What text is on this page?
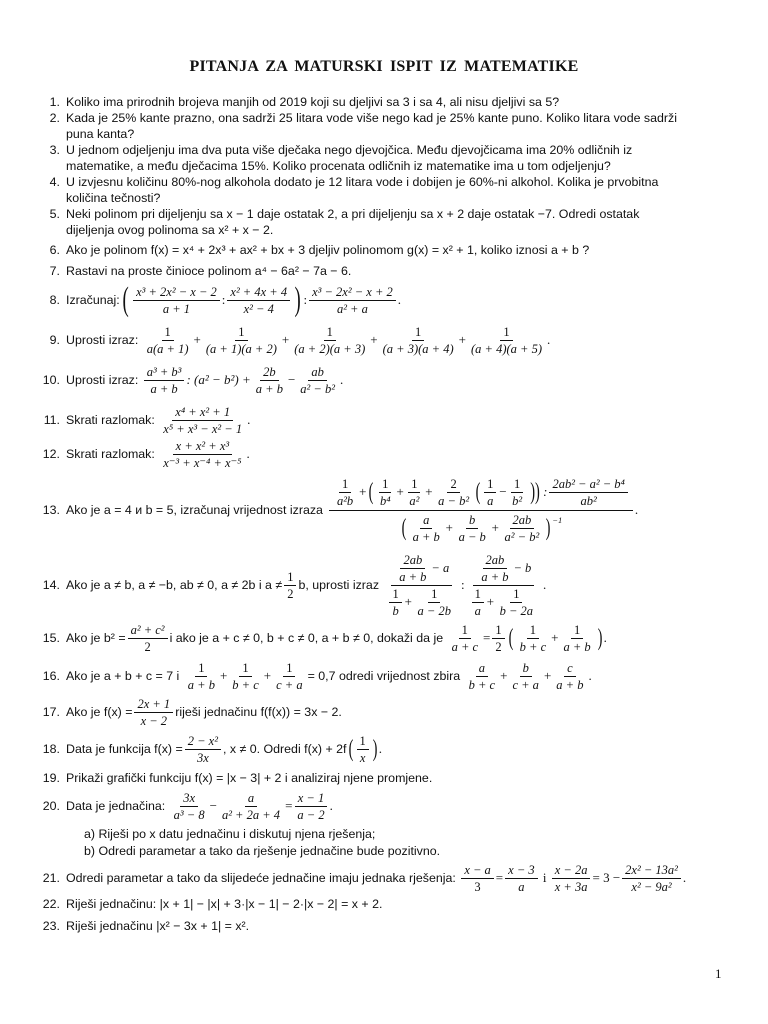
PITANJA ZA MATURSKI ISPIT IZ MATEMATIKE
1. Koliko ima prirodnih brojeva manjih od 2019 koji su djeljivi sa 3 i sa 4, ali nisu djeljivi sa 5?
2. Kada je 25% kante prazno, ona sadrži 25 litara vode više nego kad je 25% kante puno. Koliko litara vode sadrži
puna kanta?
3. U jednom odjeljenju ima dva puta više dječaka nego djevojčica. Među djevojčicama ima 20% odličnih iz
matematike, a među dječacima 15%. Koliko procenata odličnih iz matematike ima u tom odjeljenju?
4. U izvjesnu količinu 80%-nog alkohola dodato je 12 litara vode i dobijen je 60%-ni alkohol. Kolika je prvobitna
količina tečnosti?
5. Neki polinom pri dijeljenju sa x − 1 daje ostatak 2, a pri dijeljenju sa x + 2 daje ostatak −7. Odredi ostatak
dijeljenja ovog polinoma sa x² + x − 2.
6. Ako je polinom f(x) = x⁴ + 2x³ + ax² + bx + 3 djeljiv polinomom g(x) = x² + 1, koliko iznosi a + b ?
7. Rastavi na proste činioce polinom a⁴ − 6a² − 7a − 6.
8. Izračunaj: ( $\frac{\text{x³ + 2x² − x − 2}}{a + 1}$ : $\frac{\text{x² + 4x + 4}}{\text{x² − 4}}$ ) : $\frac{\text{x³ − 2x² − x + 2}}{\text{a² + a}}$ .
9. Uprosti izraz:
$\frac{1}{a(a + 1)} + \frac{1}{(a + 1)(a + 2)} + \frac{1}{(a + 2)(a + 3)} + \frac{1}{(a + 3)(a + 4)} + \frac{1}{(a + 4)(a + 5)}$ .
10. Uprosti izraz:
$\frac{\text{a³ + b³}}{a + b}$ : $(a^2 - b^2) + \frac{2b}{a + b} - \frac{ab}{\text{a² − b²}}$ .
11. Skrati razlomak:
$\frac{\text{x⁴ + x² + 1}}{\text{x⁵ + x³ − x² − 1}}$ .
12. Skrati razlomak:
$\frac{\text{x + x² + x³}}{\text{x⁻³ + x⁻⁴ + x⁻⁵}}$ .
13. Ako je a = 4 и b = 5, izračunaj vrijednost izraza
$\frac{1}{\text{a²b}}$ + ( $\frac{1}{\text{b⁴}} + \frac{1}{\text{a²}} + \frac{2}{\text{a − b²}}$ ( $\frac{1}{a} - \frac{1}{\text{b²}}$ )) : $\frac{\text{2ab² − a² − b⁴}}{\text{ab²}}$
( $\frac{a}{a + b} + \frac{b}{a - b} + \frac{2ab}{\text{a² − b²}}$ ) −1
.
14. Ako je a ≠ b, a ≠ −b, ab ≠ 0, a ≠ 2b i $a \ne \frac{1}{2} b$, uprosti izraz
$\frac{\frac{2ab}{a + b} - a}{\frac{1}{b} + \frac{1}{a - 2b}}$ : $\frac{\frac{2ab}{a + b} - b}{\frac{1}{a} + \frac{1}{b - 2a}}$ .
15. Ako je $b^2 = \frac{\text{a² + c²}}{2}$ i ako je a + c ≠ 0, b + c ≠ 0, a + b ≠ 0, dokaži da je
$\frac{1}{a + c} = \frac{1}{2}$ ( $\frac{1}{b + c} + \frac{1}{a + b}$ ) .
16. Ako je a + b + c = 7 i
$\frac{1}{a + b} + \frac{1}{b + c} + \frac{1}{c + a} = 0,7$ odredi vrijednost zbira
$\frac{a}{b + c} + \frac{b}{c + a} + \frac{c}{a + b}$ .
17. Ako je $f(x) = \frac{2x + 1}{x - 2}$ riješi jednačinu f(f(x)) = 3x − 2.
18. Data je funkcija $f(x) = \frac{\text{2 − x²}}{3x}$ , x ≠ 0. Odredi f(x) + 2f ( $\frac{1}{x}$ ) .
19. Prikaži grafički funkciju f(x) = |x − 3| + 2 i analiziraj njene promjene.
20. Data je jednačina:
$\frac{3x}{\text{a³ − 8}} - \frac{a}{\text{a² + 2a + 4}} = \frac{x - 1}{a - 2}$ .
a) Riješi po x datu jednačinu i diskutuj njena rješenja;
b) Odredi parametar a tako da rješenje jednačine bude pozitivno.
21. Odredi parametar a tako da slijedeće jednačine imaju jednaka rješenja:
$\frac{x - a}{3} = \frac{x - 3}{a}$ i $\frac{x - 2a}{x + 3a} = 3 - \frac{\text{2x² − 13a²}}{\text{x² − 9a²}}$ .
22. Riješi jednačinu: |x + 1| − |x| + 3·|x − 1| − 2·|x − 2| = x + 2.
23. Riješi jednačinu |x² − 3x + 1| = x².
1
